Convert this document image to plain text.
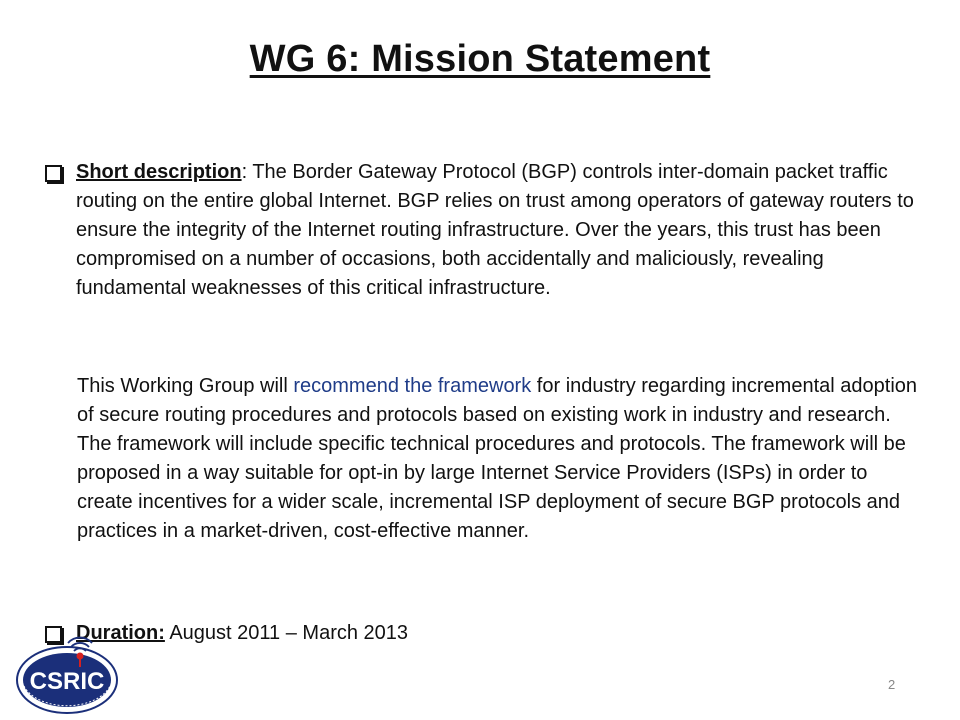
WG 6: Mission Statement
Short description: The Border Gateway Protocol (BGP) controls inter-domain packet traffic routing on the entire global Internet. BGP relies on trust among operators of gateway routers to ensure the integrity of the Internet routing infrastructure. Over the years, this trust has been compromised on a number of occasions, both accidentally and maliciously, revealing fundamental weaknesses of this critical infrastructure.
This Working Group will recommend the framework for industry regarding incremental adoption of secure routing procedures and protocols based on existing work in industry and research. The framework will include specific technical procedures and protocols. The framework will be proposed in a way suitable for opt-in by large Internet Service Providers (ISPs) in order to create incentives for a wider scale, incremental ISP deployment of secure BGP protocols and practices in a market-driven, cost-effective manner.
Duration: August 2011 – March 2013
CSRIC	2
